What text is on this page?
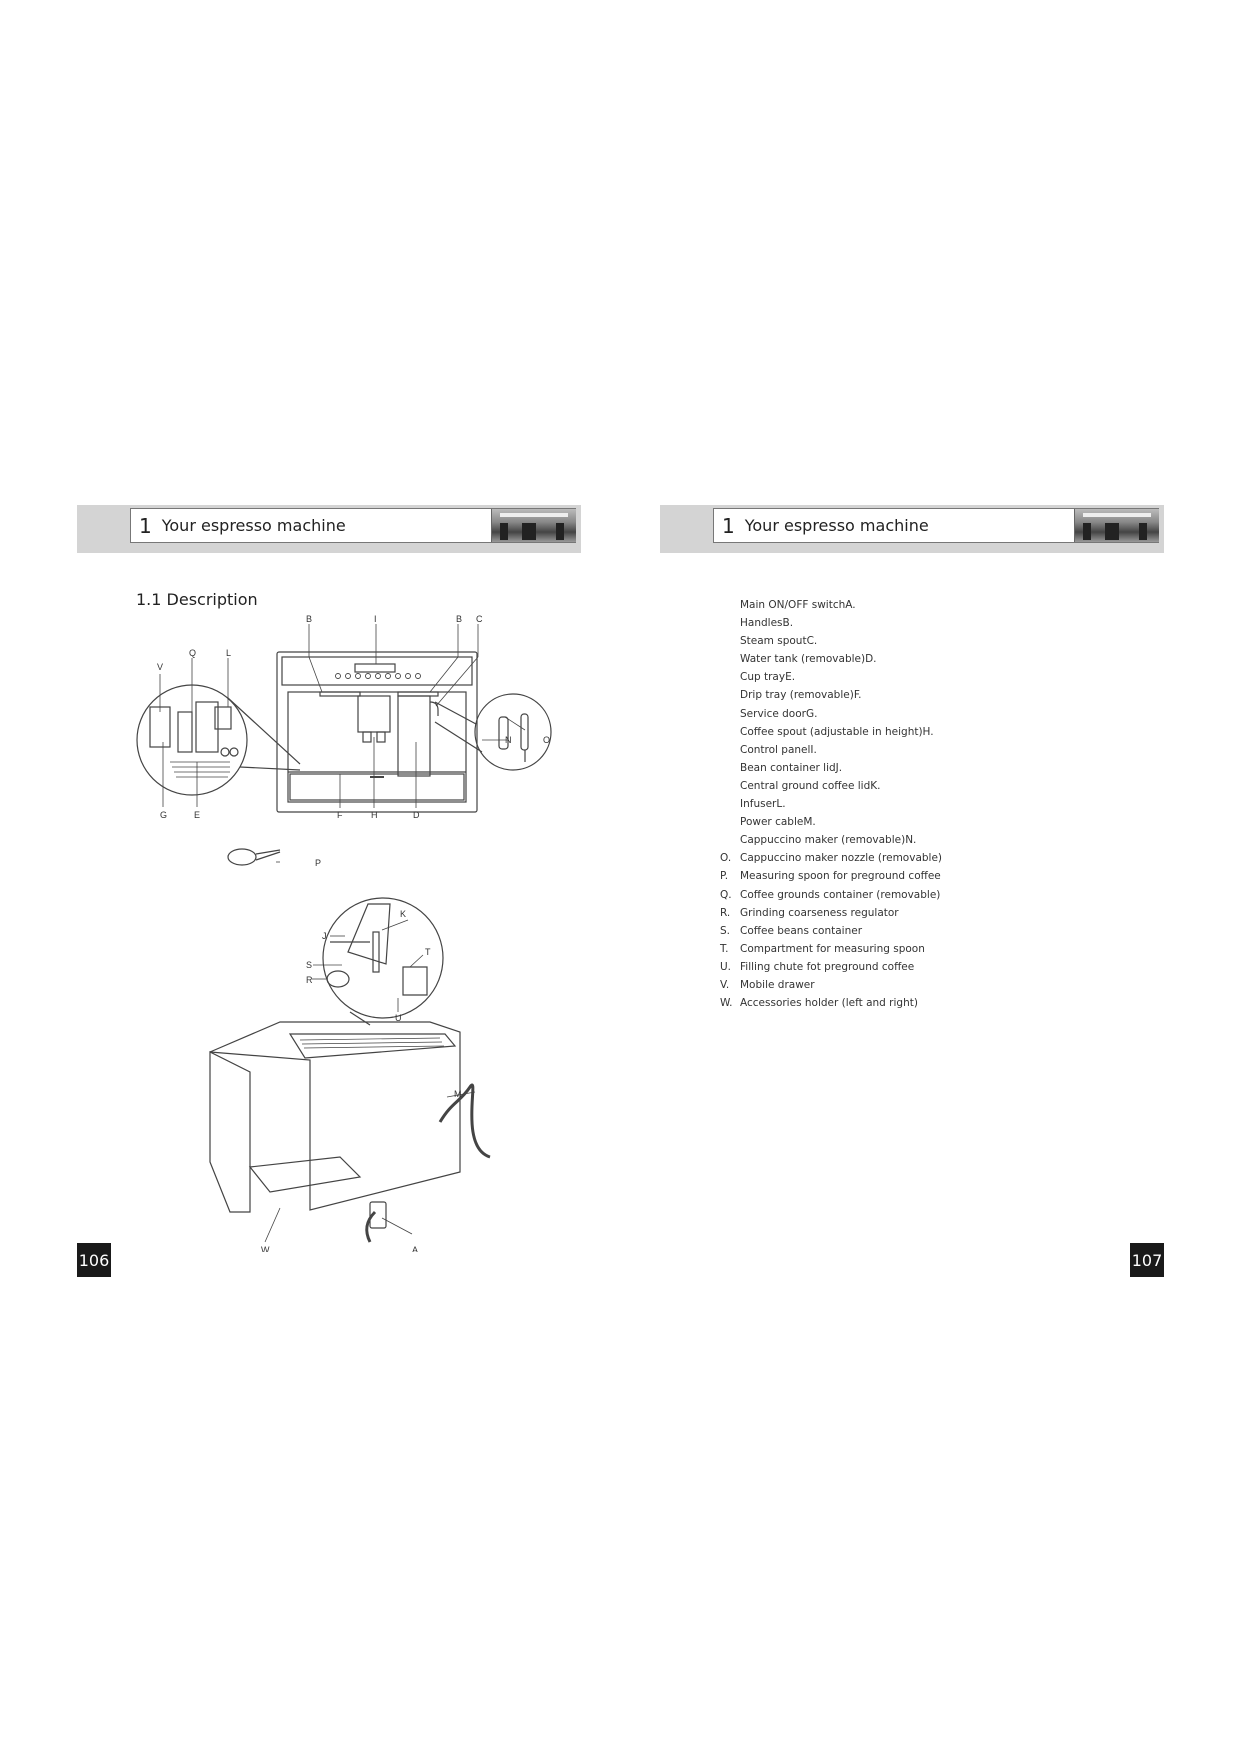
1 Your espresso machine
1.1 Description
B	I	B C
V
Q	L
N	O
G	E	F	H	D
P
J
K
S
T
R
U
M
W	A
106
1 Your espresso machine
Main ON/OFF switchA.
HandlesB.
Steam spoutC.
Water tank (removable)D.
Cup trayE.
Drip tray (removable)F.
Service doorG.
Coffee spout (adjustable in height)H.
Control panelI.
Bean container lidJ.
Central ground coffee lidK.
InfuserL.
Power cableM.
Cappuccino maker (removable)N.
O. Cappuccino maker nozzle (removable)
P.	Measuring spoon for preground coffee
Q. Coffee grounds container (removable)
R. Grinding coarseness regulator
S. Coffee beans container
T.	Compartment for measuring spoon
U. Filling chute fot preground coffee
V.	Mobile drawer
W. Accessories holder (left and right)
107
